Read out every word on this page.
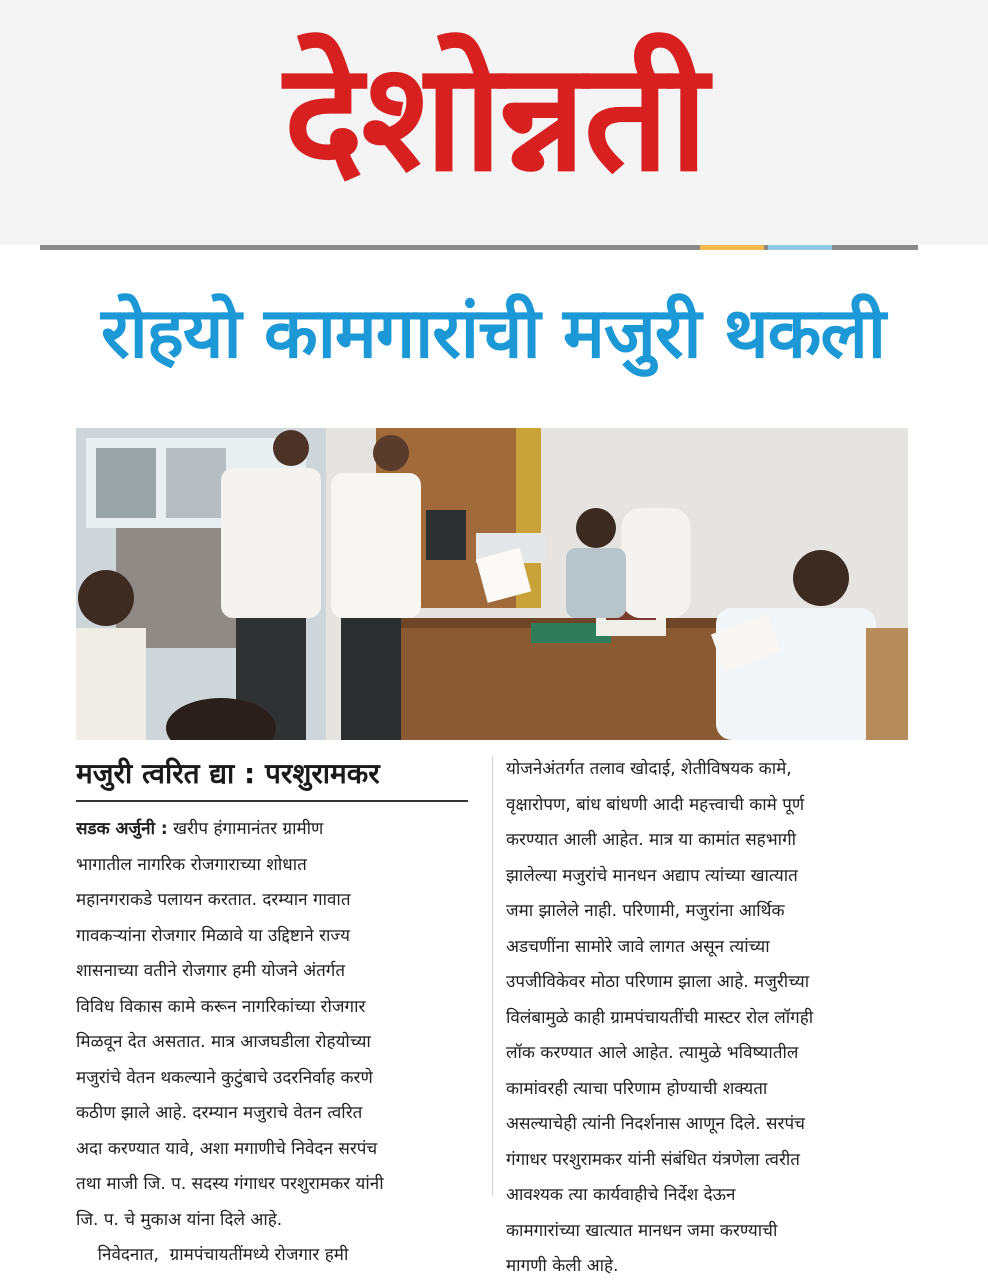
देशोन्नती
रोहयो कामगारांची मजुरी थकली
मजुरी त्वरित द्या : परशुरामकर
सडक अर्जुनी : खरीप हंगामानंतर ग्रामीण
भागातील नागरिक रोजगाराच्या शोधात
महानगराकडे पलायन करतात. दरम्यान गावात
गावकऱ्यांना रोजगार मिळावे या उद्दिष्टाने राज्य
शासनाच्या वतीने रोजगार हमी योजने अंतर्गत
विविध विकास कामे करून नागरिकांच्या रोजगार
मिळवून देत असतात. मात्र आजघडीला रोहयोच्या
मजुरांचे वेतन थकल्याने कुटुंबाचे उदरनिर्वाह करणे
कठीण झाले आहे. दरम्यान मजुराचे वेतन त्वरित
अदा करण्यात यावे, अशा मगाणीचे निवेदन सरपंच
तथा माजी जि. प. सदस्य गंगाधर परशुरामकर यांनी
जि. प. चे मुकाअ यांना दिले आहे.
निवेदनात,  ग्रामपंचायतींमध्ये रोजगार हमी
योजनेअंतर्गत तलाव खोदाई, शेतीविषयक कामे,
वृक्षारोपण, बांध बांधणी आदी महत्त्वाची कामे पूर्ण
करण्यात आली आहेत. मात्र या कामांत सहभागी
झालेल्या मजुरांचे मानधन अद्याप त्यांच्या खात्यात
जमा झालेले नाही. परिणामी, मजुरांना आर्थिक
अडचणींना सामोरे जावे लागत असून त्यांच्या
उपजीविकेवर मोठा परिणाम झाला आहे. मजुरीच्या
विलंबामुळे काही ग्रामपंचायतींची मास्टर रोल लॉगही
लॉक करण्यात आले आहेत. त्यामुळे भविष्यातील
कामांवरही त्याचा परिणाम होण्याची शक्यता
असल्याचेही त्यांनी निदर्शनास आणून दिले. सरपंच
गंगाधर परशुरामकर यांनी संबंधित यंत्रणेला त्वरीत
आवश्यक त्या कार्यवाहीचे निर्देश देऊन
कामगारांच्या खात्यात मानधन जमा करण्याची
मागणी केली आहे.
